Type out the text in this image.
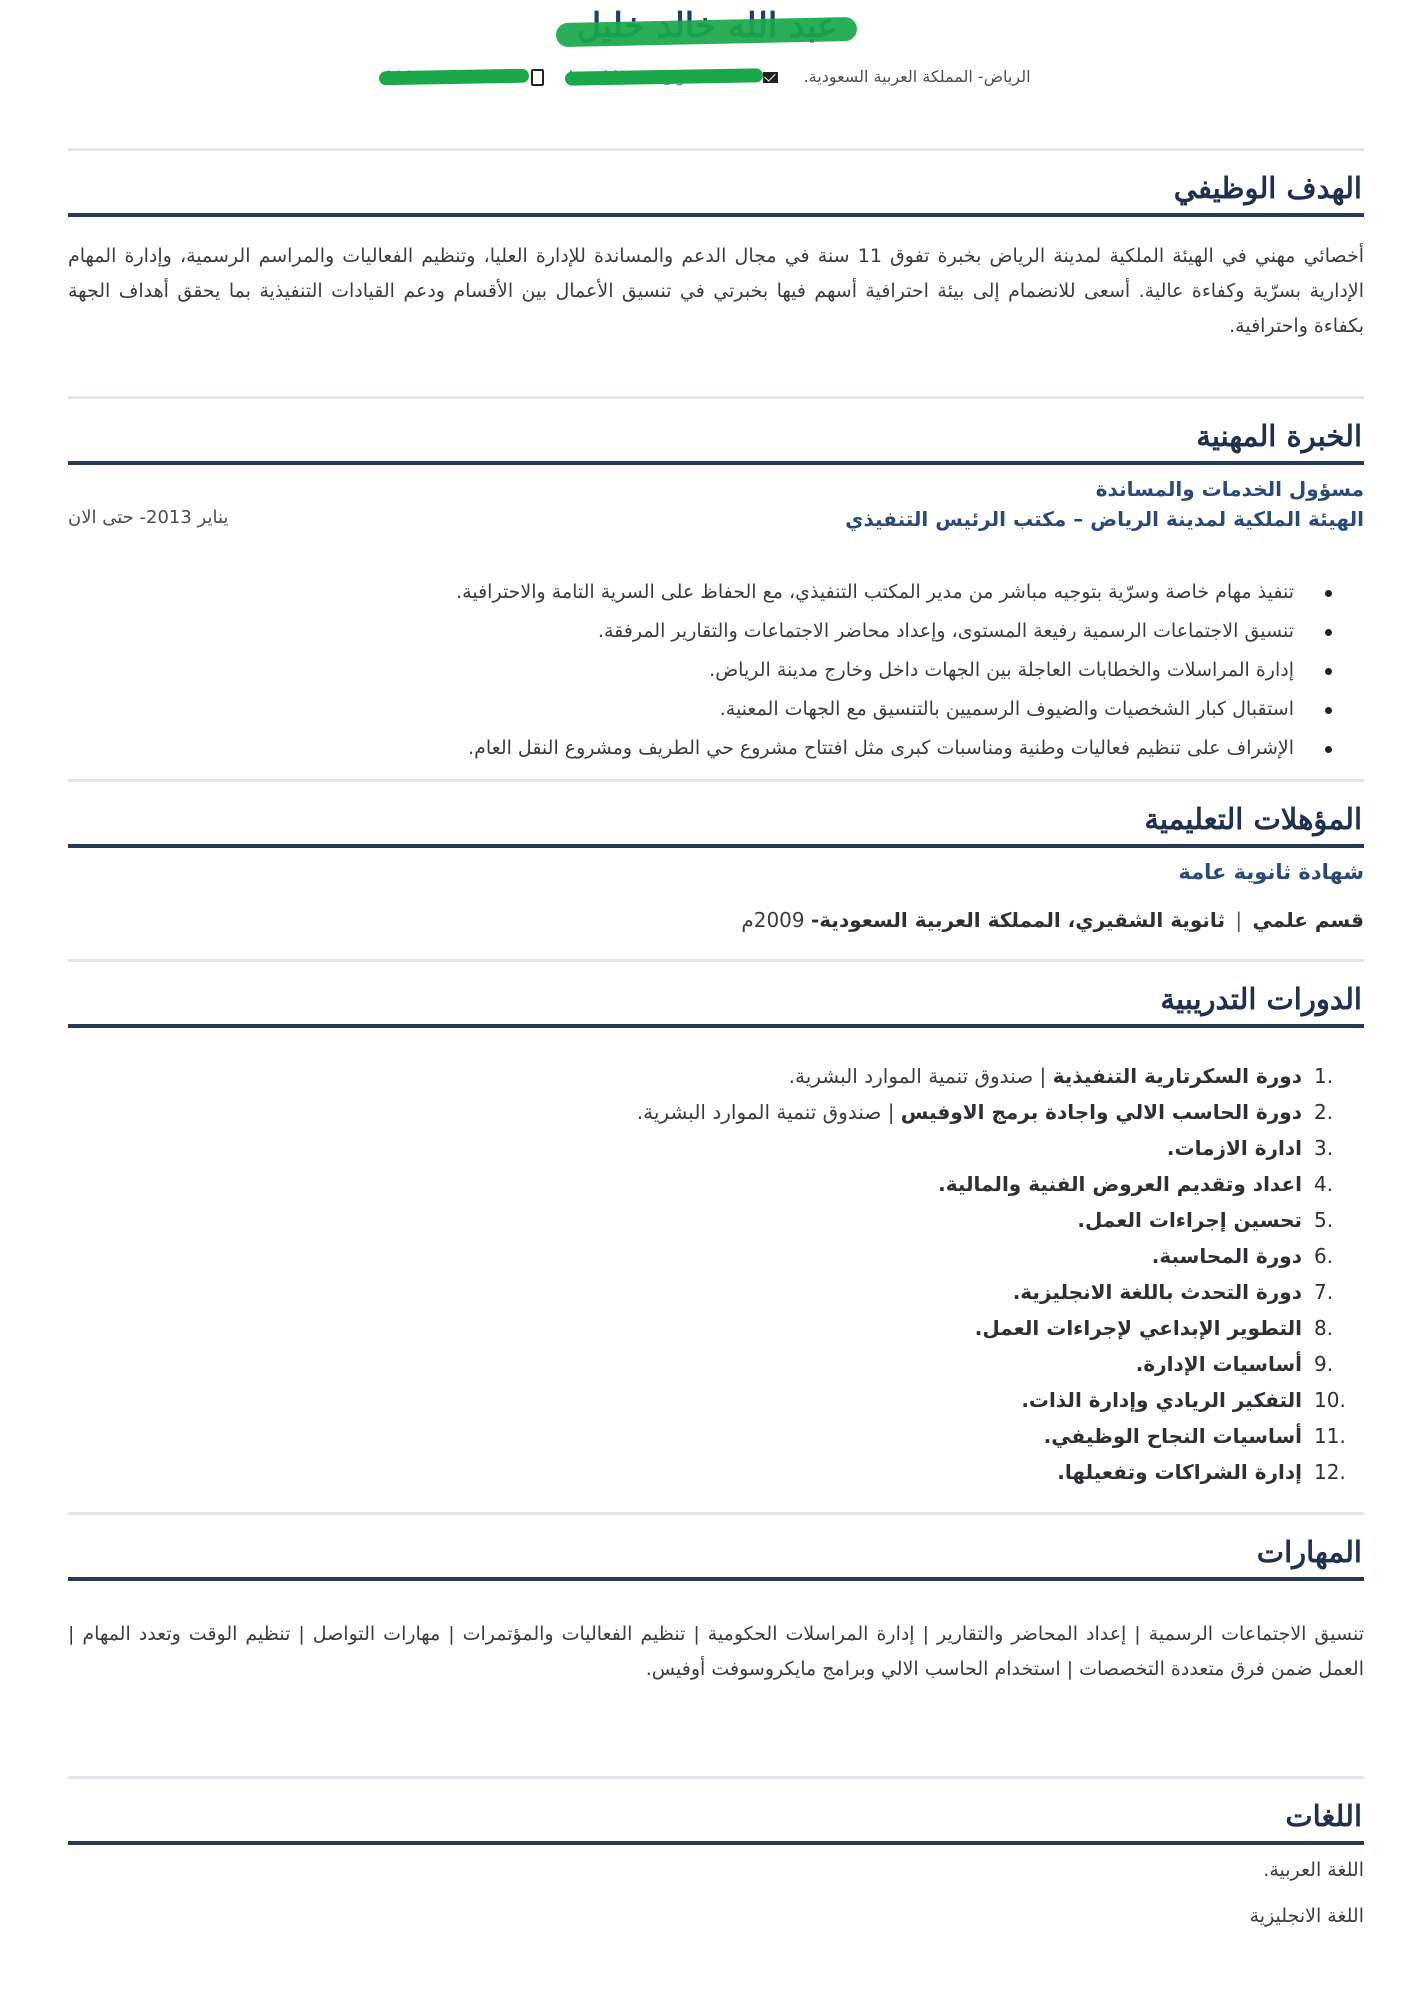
الرياض- المملكة العربية السعودية.

الهدف الوظيفي
أخصائي مهني في الهيئة الملكية لمدينة الرياض بخبرة تفوق 11 سنة في مجال الدعم والمساندة للإدارة العليا، وتنظيم الفعاليات والمراسم الرسمية، وإدارة المهام الإدارية بسرّية وكفاءة عالية. أسعى للانضمام إلى بيئة احترافية أسهم فيها بخبرتي في تنسيق الأعمال بين الأقسام ودعم القيادات التنفيذية بما يحقق أهداف الجهة بكفاءة واحترافية.
الخبرة المهنية
مسؤول الخدمات والمساندة
الهيئة الملكية لمدينة الرياض – مكتب الرئيس التنفيذي
يناير 2013- حتى الان
تنفيذ مهام خاصة وسرّية بتوجيه مباشر من مدير المكتب التنفيذي، مع الحفاظ على السرية التامة والاحترافية.
تنسيق الاجتماعات الرسمية رفيعة المستوى، وإعداد محاضر الاجتماعات والتقارير المرفقة.
إدارة المراسلات والخطابات العاجلة بين الجهات داخل وخارج مدينة الرياض.
استقبال كبار الشخصيات والضيوف الرسميين بالتنسيق مع الجهات المعنية.
الإشراف على تنظيم فعاليات وطنية ومناسبات كبرى مثل افتتاح مشروع حي الطريف ومشروع النقل العام.
المؤهلات التعليمية
شهادة ثانوية عامة
قسم علمي | ثانوية الشقيري، المملكة العربية السعودية- 2009م
الدورات التدريبية
.1
دورة السكرتارية التنفيذية | صندوق تنمية الموارد البشرية.
.2
دورة الحاسب الالي واجادة برمج الاوفيس | صندوق تنمية الموارد البشرية.
.3
ادارة الازمات.
.4
اعداد وتقديم العروض الفنية والمالية.
.5
تحسين إجراءات العمل.
.6
دورة المحاسبة.
.7
دورة التحدث باللغة الانجليزية.
.8
التطوير الإبداعي لإجراءات العمل.
.9
أساسيات الإدارة.
.10
التفكير الريادي وإدارة الذات.
.11
أساسيات النجاح الوظيفي.
.12
إدارة الشراكات وتفعيلها.
المهارات
تنسيق الاجتماعات الرسمية | إعداد المحاضر والتقارير | إدارة المراسلات الحكومية | تنظيم الفعاليات والمؤتمرات | مهارات التواصل | تنظيم الوقت وتعدد المهام | العمل ضمن فرق متعددة التخصصات | استخدام الحاسب الالي وبرامج مايكروسوفت أوفيس.
اللغات
اللغة العربية.
اللغة الانجليزية
